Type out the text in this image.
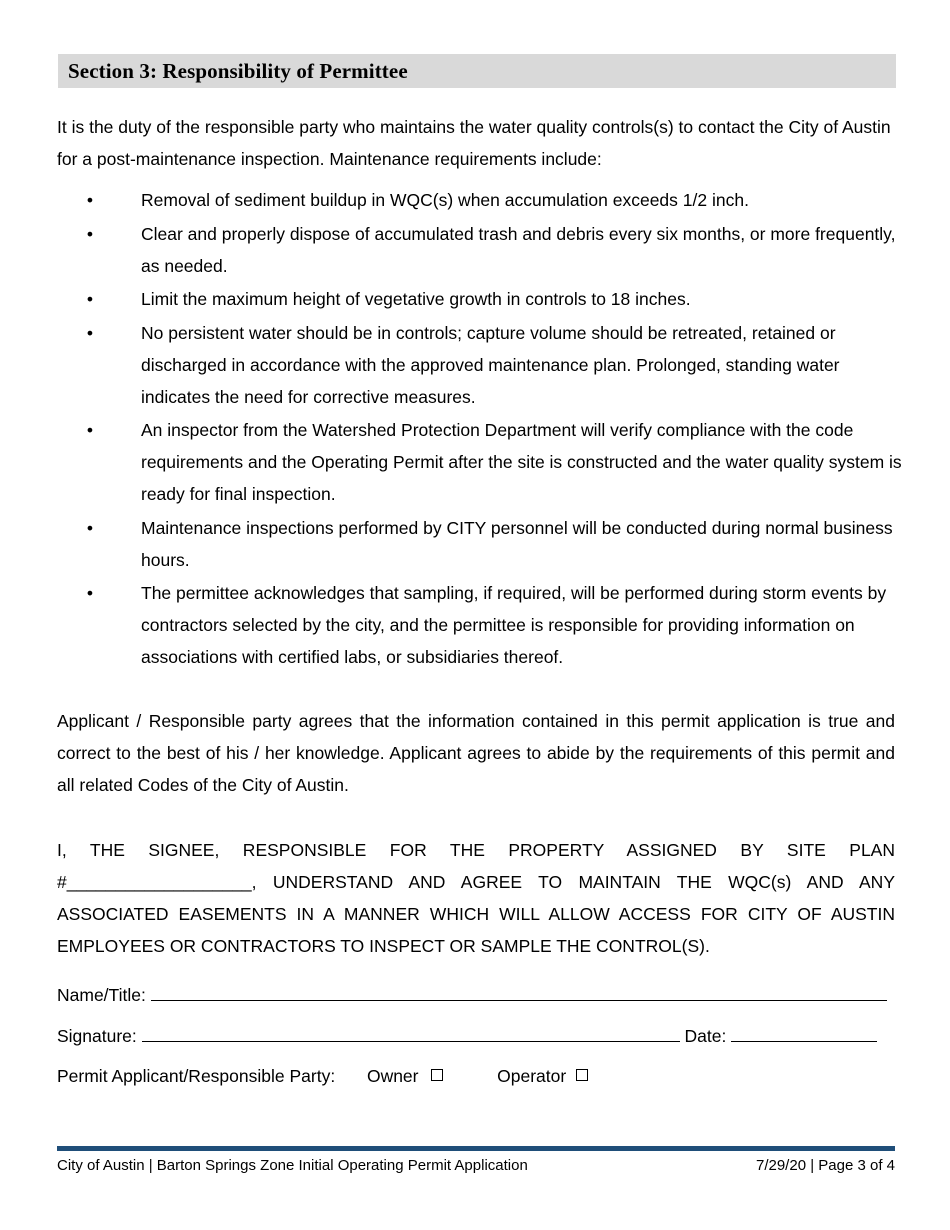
Section 3: Responsibility of Permittee

It is the duty of the responsible party who maintains the water quality controls(s) to contact the City of Austin for a post-maintenance inspection. Maintenance requirements include:

•	Removal of sediment buildup in WQC(s) when accumulation exceeds 1/2 inch.
•	Clear and properly dispose of accumulated trash and debris every six months, or more frequently, as needed.
•	Limit the maximum height of vegetative growth in controls to 18 inches.
•	No persistent water should be in controls; capture volume should be retreated, retained or discharged in accordance with the approved maintenance plan. Prolonged, standing water indicates the need for corrective measures.
•	An inspector from the Watershed Protection Department will verify compliance with the code requirements and the Operating Permit after the site is constructed and the water quality system is ready for final inspection.
•	Maintenance inspections performed by CITY personnel will be conducted during normal business hours.
•	The permittee acknowledges that sampling, if required, will be performed during storm events by contractors selected by the city, and the permittee is responsible for providing information on associations with certified labs, or subsidiaries thereof.

Applicant / Responsible party agrees that the information contained in this permit application is true and correct to the best of his / her knowledge. Applicant agrees to abide by the requirements of this permit and all related Codes of the City of Austin.

I, THE SIGNEE, RESPONSIBLE FOR THE PROPERTY ASSIGNED BY SITE PLAN #___________________, UNDERSTAND AND AGREE TO MAINTAIN THE WQC(s) AND ANY ASSOCIATED EASEMENTS IN A MANNER WHICH WILL ALLOW ACCESS FOR CITY OF AUSTIN EMPLOYEES OR CONTRACTORS TO INSPECT OR SAMPLE THE CONTROL(S).

Name/Title:
Signature:	Date:
Permit Applicant/Responsible Party: Owner	Operator
City of Austin | Barton Springs Zone Initial Operating Permit Application	7/29/20 | Page 3 of 4
